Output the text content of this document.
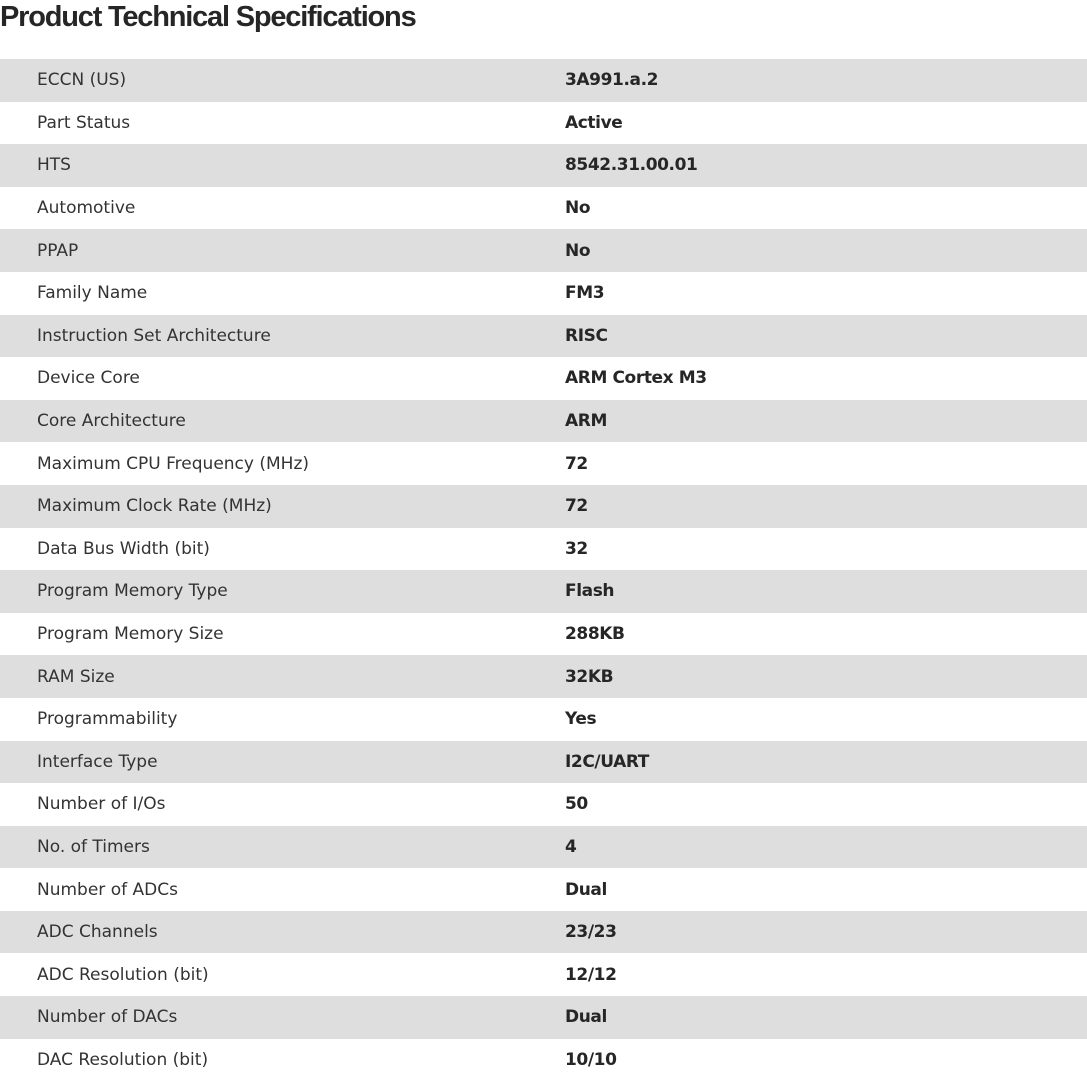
Product Technical Specifications
ECCN (US)	3A991.a.2
Part Status	Active
HTS	8542.31.00.01
Automotive	No
PPAP	No
Family Name	FM3
Instruction Set Architecture	RISC
Device Core	ARM Cortex M3
Core Architecture	ARM
Maximum CPU Frequency (MHz)	72
Maximum Clock Rate (MHz)	72
Data Bus Width (bit)	32
Program Memory Type	Flash
Program Memory Size	288KB
RAM Size	32KB
Programmability	Yes
Interface Type	I2C/UART
Number of I/Os	50
No. of Timers	4
Number of ADCs	Dual
ADC Channels	23/23
ADC Resolution (bit)	12/12
Number of DACs	Dual
DAC Resolution (bit)	10/10
